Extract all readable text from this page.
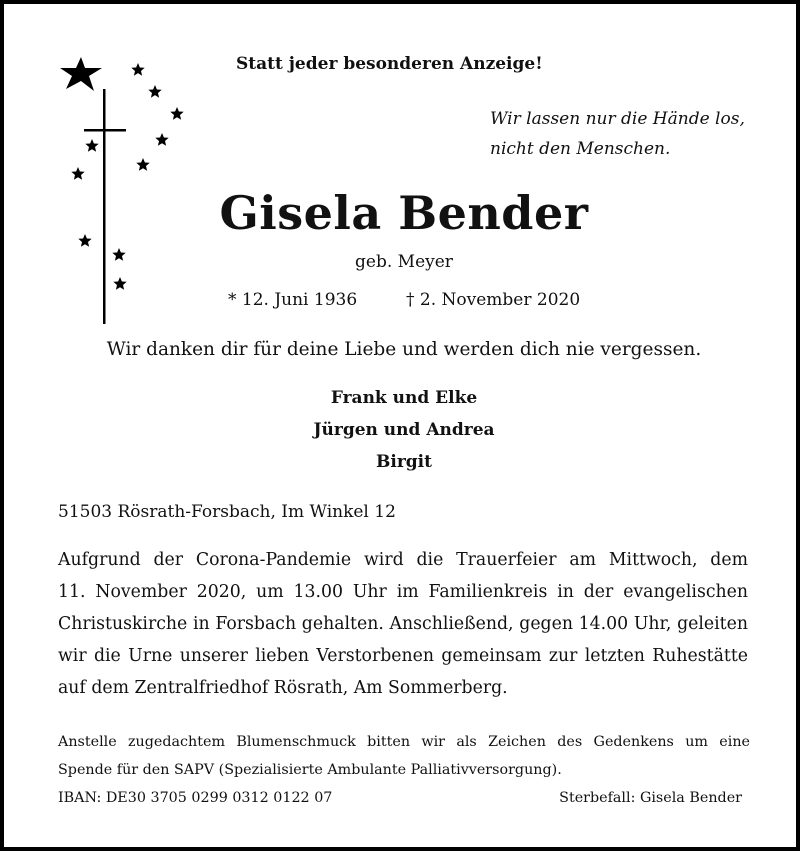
Statt jeder besonderen Anzeige!
Wir lassen nur die Hände los,
nicht den Menschen.
Gisela Bender
geb. Meyer
* 12. Juni 1936	† 2. November 2020
Wir danken dir für deine Liebe und werden dich nie vergessen.
Frank und Elke
Jürgen und Andrea
Birgit
51503 Rösrath-Forsbach, Im Winkel 12
Aufgrund der Corona-Pandemie wird die Trauerfeier am Mittwoch, dem
11. November 2020, um 13.00 Uhr im Familienkreis in der evangelischen
Christuskirche in Forsbach gehalten. Anschließend, gegen 14.00 Uhr, geleiten
wir die Urne unserer lieben Verstorbenen gemeinsam zur letzten Ruhestätte
auf dem Zentralfriedhof Rösrath, Am Sommerberg.
Anstelle zugedachtem Blumenschmuck bitten wir als Zeichen des Gedenkens um eine
Spende für den SAPV (Spezialisierte Ambulante Palliativversorgung).
IBAN: DE30 3705 0299 0312 0122 07	Sterbefall: Gisela Bender
